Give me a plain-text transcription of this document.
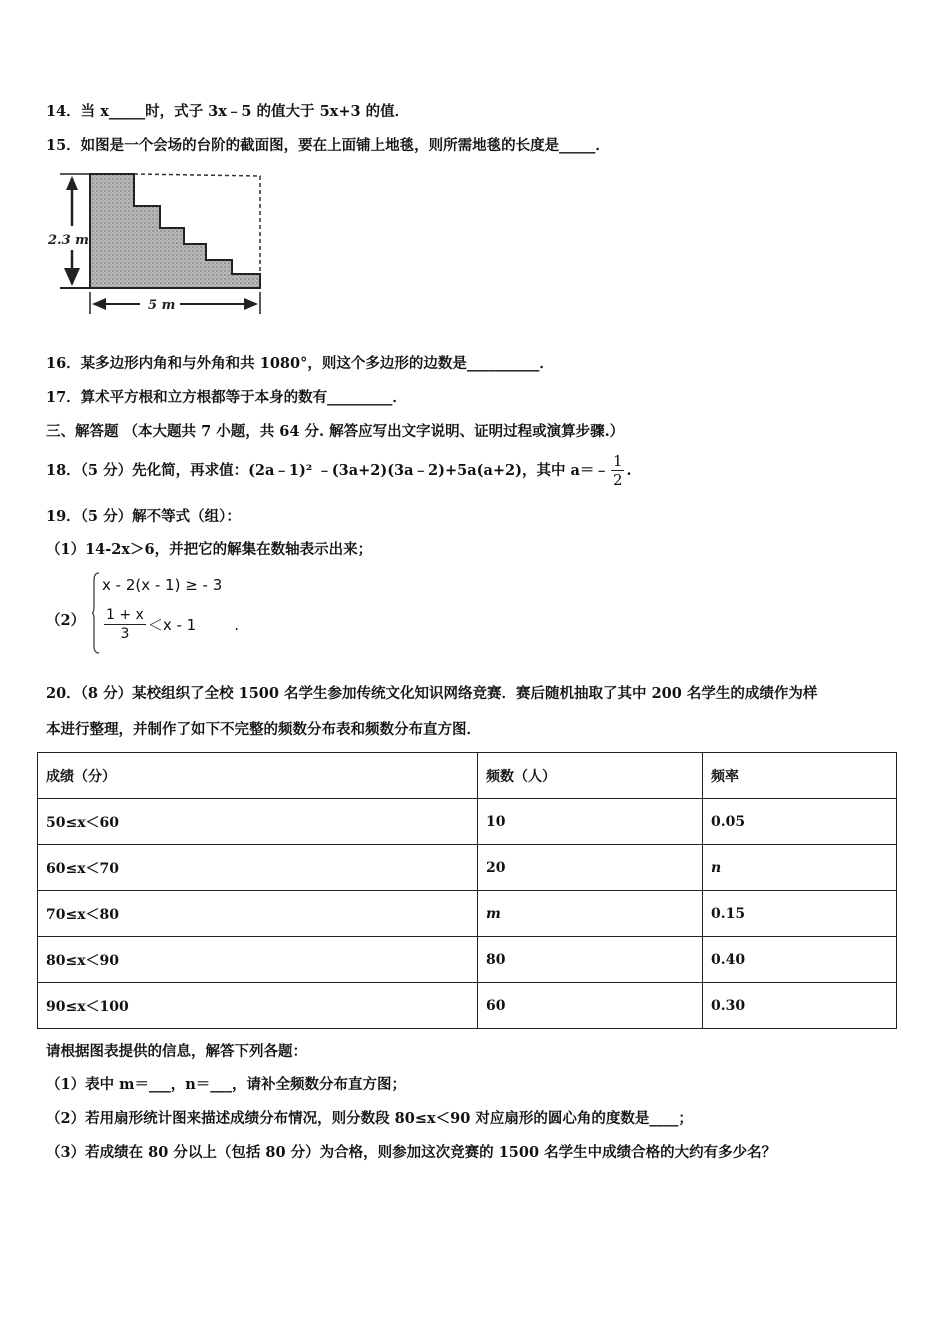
14．当 x_____时，式子 3x﹣5 的值大于 5x+3 的值．
15．如图是一个会场的台阶的截面图，要在上面铺上地毯，则所需地毯的长度是_____．
2.3 m
5 m
16．某多边形内角和与外角和共 1080°，则这个多边形的边数是__________．
17．算术平方根和立方根都等于本身的数有_________．
三、解答题 （本大题共 7 小题，共 64 分. 解答应写出文字说明、证明过程或演算步骤.）
18．（5 分）先化简，再求值：(2a﹣1)² ﹣(3a+2)(3a﹣2)+5a(a+2)，其中 a＝﹣ $\frac{1}{2}$ .
19．（5 分）解不等式（组）：
（1）14-2x＞6，并把它的解集在数轴表示出来；
（2）
x - 2(x - 1) ≥ - 3
$\frac{1 + x}{3} <x - 1$	.
20．（8 分）某校组织了全校 1500 名学生参加传统文化知识网络竞赛．赛后随机抽取了其中 200 名学生的成绩作为样
本进行整理，并制作了如下不完整的频数分布表和频数分布直方图．
成绩（分）	频数（人）	频率
50≤x＜60	10	0.05
60≤x＜70	20	n
70≤x＜80	m	0.15
80≤x＜90	80	0.40
90≤x＜100	60	0.30
请根据图表提供的信息，解答下列各题：
（1）表中 m＝___，n＝___，请补全频数分布直方图；
（2）若用扇形统计图来描述成绩分布情况，则分数段 80≤x＜90 对应扇形的圆心角的度数是____；
（3）若成绩在 80 分以上（包括 80 分）为合格，则参加这次竞赛的 1500 名学生中成绩合格的大约有多少名？
